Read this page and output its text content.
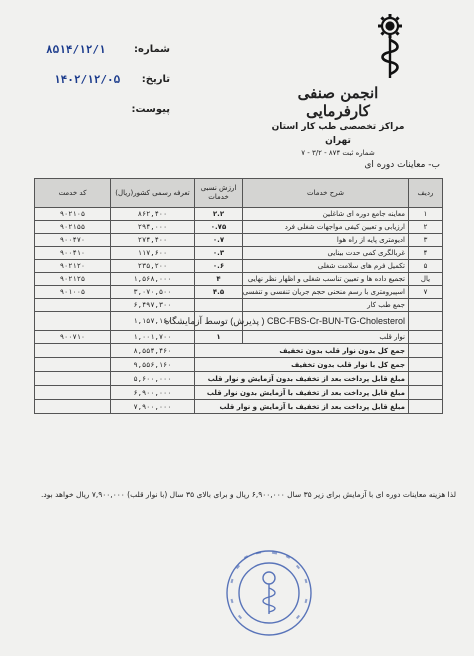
شماره:
۸۵۱۴/۱۲/۱
تاریخ:
۱۴۰۲/۱۲/۰۵
پیوست:
انجمن صنفی کارفرمایی
مراکز تخصصی طب کار استان تهران
شماره ثبت ۸۷۴ - ۳/۲ - ۷
ب- معاینات دوره ای
ردیف	شرح خدمات	ارزش نسبی خدمات	تعرفه رسمی کشور(ریال)	کد خدمت
۱	معاینه جامع دوره ای شاغلین	۲.۲	۸۶۲,۴۰۰	۹۰۲۱۰۵
۲	ارزیابی و تعیین کیفی مواجهات شغلی فرد	۰.۷۵	۲۹۴,۰۰۰	۹۰۲۱۵۵
۳	ادیومتری پایه از راه هوا	۰.۷	۲۷۴,۴۰۰	۹۰۰۴۷۰
۴	غربالگری کمی حدت بینایی	۰.۳	۱۱۷,۶۰۰	۹۰۰۴۱۰
۵	تکمیل فرم های سلامت شغلی	۰.۶	۲۳۵,۲۰۰	۹۰۲۱۲۰
یال	تجمیع داده ها و تعیین تناسب شغلی و اظهار نظر نهایی	۴	۱,۵۶۸,۰۰۰	۹۰۲۱۲۵
۷	اسپیرومتری با رسم منحنی حجم جریان تنفسی و تنفسی	۴.۵	۳,۰۷۰,۵۰۰	۹۰۱۰۰۵
	جمع طب کار		۶,۴۹۷,۳۰۰	
	CBC-FBS-Cr-BUN-TG-Cholesterol ( پذیرش) توسط آزمایشگاه		۱,۱۵۷,۱۶۰	
	نوار قلب	۱	۱,۰۰۱,۷۰۰	۹۰۰۷۱۰
	جمع کل بدون نوار قلب بدون تخفیف		۸,۵۵۴,۴۶۰	
	جمع کل با نوار قلب بدون تخفیف		۹,۵۵۶,۱۶۰	
	مبلغ قابل پرداخت بعد از تخفیف بدون آزمایش و نوار قلب		۵,۶۰۰,۰۰۰	
	مبلغ قابل پرداخت بعد از تخفیف با آزمایش بدون نوار قلب		۶,۹۰۰,۰۰۰	
	مبلغ قابل پرداخت بعد از تخفیف با آزمایش و نوار قلب		۷,۹۰۰,۰۰۰	
لذا هزینه معاینات دوره ای با آزمایش برای زیر ۳۵ سال ۶,۹۰۰,۰۰۰ ریال و برای بالای ۳۵ سال (با نوار قلب) ۷,۹۰۰,۰۰۰ ریال خواهد بود.
